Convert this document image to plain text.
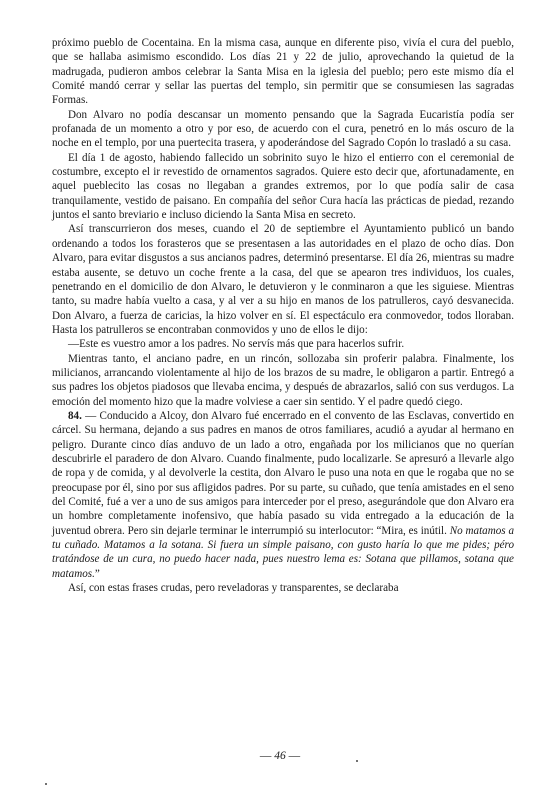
próximo pueblo de Cocentaina. En la misma casa, aunque en diferente piso, vivía el cura del pueblo, que se hallaba asimismo escondido. Los días 21 y 22 de julio, aprovechando la quietud de la madrugada, pudieron ambos celebrar la Santa Misa en la iglesia del pueblo; pero este mismo día el Comité mandó cerrar y sellar las puertas del templo, sin permitir que se consumiesen las sagradas Formas.

Don Alvaro no podía descansar un momento pensando que la Sagrada Eucaristía podía ser profanada de un momento a otro y por eso, de acuerdo con el cura, penetró en lo más oscuro de la noche en el templo, por una puertecita trasera, y apoderándose del Sagrado Copón lo trasladó a su casa.

El día 1 de agosto, habiendo fallecido un sobrinito suyo le hizo el entierro con el ceremonial de costumbre, excepto el ir revestido de ornamentos sagrados. Quiere esto decir que, afortunadamente, en aquel pueblecito las cosas no llegaban a grandes extremos, por lo que podía salir de casa tranquilamente, vestido de paisano. En compañía del señor Cura hacía las prácticas de piedad, rezando juntos el santo breviario e incluso diciendo la Santa Misa en secreto.

Así transcurrieron dos meses, cuando el 20 de septiembre el Ayuntamiento publicó un bando ordenando a todos los forasteros que se presentasen a las autoridades en el plazo de ocho días. Don Alvaro, para evitar disgustos a sus ancianos padres, determinó presentarse. El día 26, mientras su madre estaba ausente, se detuvo un coche frente a la casa, del que se apearon tres individuos, los cuales, penetrando en el domicilio de don Alvaro, le detuvieron y le conminaron a que les siguiese. Mientras tanto, su madre había vuelto a casa, y al ver a su hijo en manos de los patrulleros, cayó desvanecida. Don Alvaro, a fuerza de caricias, la hizo volver en sí. El espectáculo era conmovedor, todos lloraban. Hasta los patrulleros se encontraban conmovidos y uno de ellos le dijo:

—Este es vuestro amor a los padres. No servís más que para hacerlos sufrir.

Mientras tanto, el anciano padre, en un rincón, sollozaba sin proferir palabra. Finalmente, los milicianos, arrancando violentamente al hijo de los brazos de su madre, le obligaron a partir. Entregó a sus padres los objetos piadosos que llevaba encima, y después de abrazarlos, salió con sus verdugos. La emoción del momento hizo que la madre volviese a caer sin sentido. Y el padre quedó ciego.

84. — Conducido a Alcoy, don Alvaro fué encerrado en el convento de las Esclavas, convertido en cárcel. Su hermana, dejando a sus padres en manos de otros familiares, acudió a ayudar al hermano en peligro. Durante cinco días anduvo de un lado a otro, engañada por los milicianos que no querían descubrirle el paradero de don Alvaro. Cuando finalmente, pudo localizarle. Se apresuró a llevarle algo de ropa y de comida, y al devolverle la cestita, don Alvaro le puso una nota en que le rogaba que no se preocupase por él, sino por sus afligidos padres. Por su parte, su cuñado, que tenía amistades en el seno del Comité, fué a ver a uno de sus amigos para interceder por el preso, asegurándole que don Alvaro era un hombre completamente inofensivo, que había pasado su vida entregado a la educación de la juventud obrera. Pero sin dejarle terminar le interrumpió su interlocutor: “Mira, es inútil. No matamos a tu cuñado. Matamos a la sotana. Si fuera un simple paisano, con gusto haría lo que me pides; péro tratándose de un cura, no puedo hacer nada, pues nuestro lema es: Sotana que pillamos, sotana que matamos.”

Así, con estas frases crudas, pero reveladoras y transparentes, se declaraba

— 46 —
